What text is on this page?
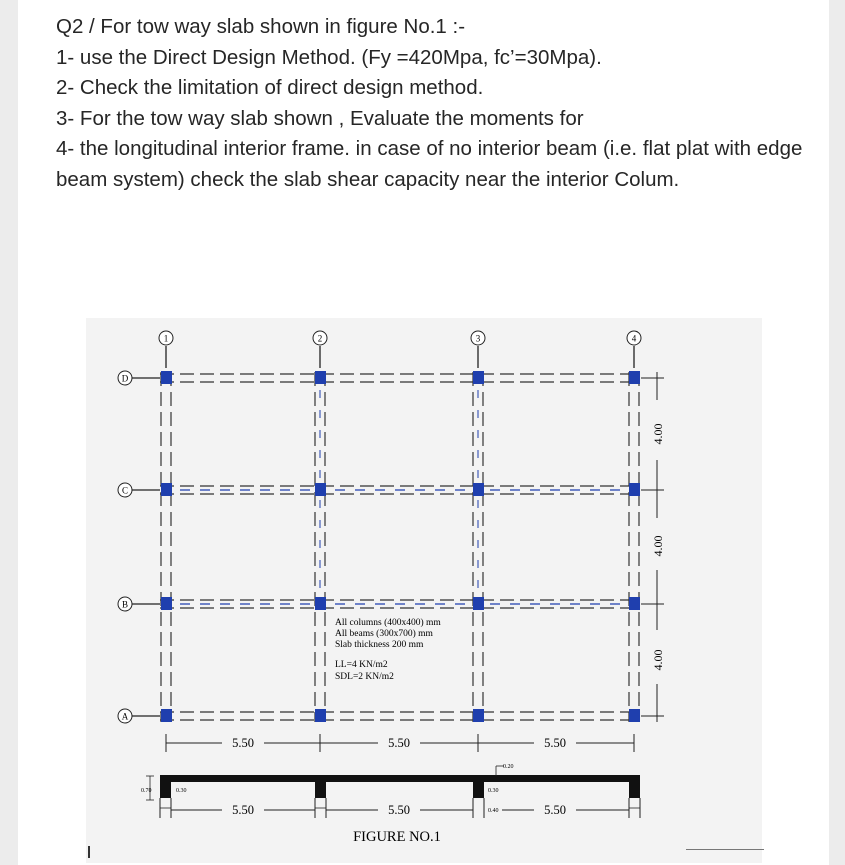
Q2 / For tow way slab shown in figure No.1 :-
1- use the Direct Design Method. (Fy =420Mpa, fc’=30Mpa).
2- Check the limitation of direct design method.
3- For the tow way slab shown , Evaluate the moments for
4- the longitudinal interior frame. in case of no interior beam (i.e. flat plat with edge beam system) check the slab shear capacity near the interior Colum.
1	2	3	4
D
C
B
A
4.00
4.00
4.00
All columns (400x400) mm
All beams (300x700) mm
Slab thickness 200 mm
LL=4 KN/m2
SDL=2 KN/m2
5.50	5.50	5.50
0.70	0.30
0.20
0.30
0.40
5.50	5.50	5.50
FIGURE NO.1
